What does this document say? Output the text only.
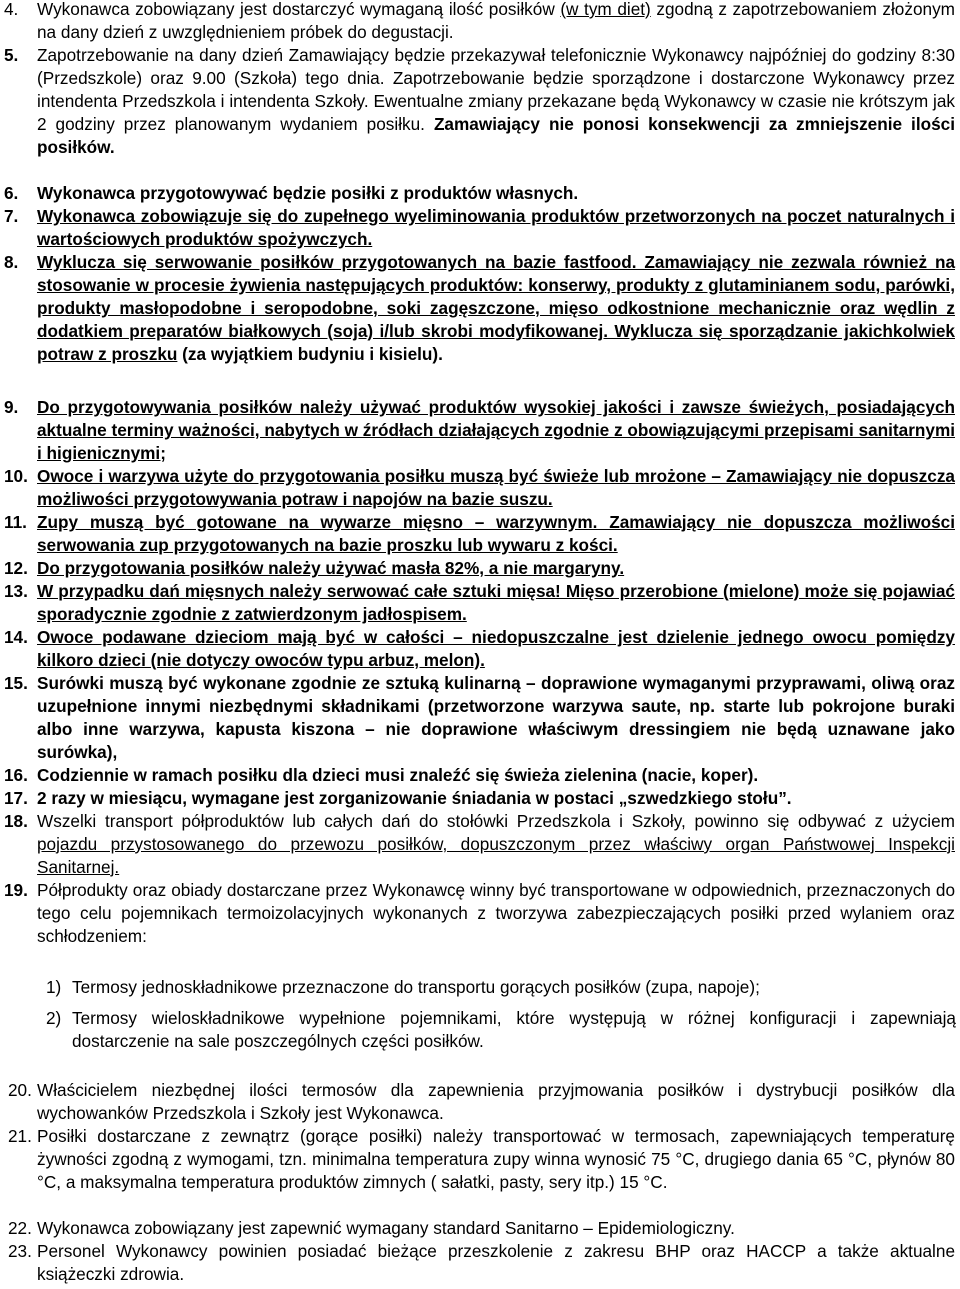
4. Wykonawca zobowiązany jest dostarczyć wymaganą ilość posiłków (w tym diet) zgodną z zapotrzebowaniem złożonym na dany dzień z uwzględnieniem próbek do degustacji.
5. Zapotrzebowanie na dany dzień Zamawiający będzie przekazywał telefonicznie Wykonawcy najpóźniej do godziny 8:30 (Przedszkole) oraz 9.00 (Szkoła) tego dnia. Zapotrzebowanie będzie sporządzone i dostarczone Wykonawcy przez intendenta Przedszkola i intendenta Szkoły. Ewentualne zmiany przekazane będą Wykonawcy w czasie nie krótszym jak 2 godziny przez planowanym wydaniem posiłku. Zamawiający nie ponosi konsekwencji za zmniejszenie ilości posiłków.
6. Wykonawca przygotowywać będzie posiłki z produktów własnych.
7. Wykonawca zobowiązuje się do zupełnego wyeliminowania produktów przetworzonych na poczet naturalnych i wartościowych produktów spożywczych.
8. Wyklucza się serwowanie posiłków przygotowanych na bazie fastfood. Zamawiający nie zezwala również na stosowanie w procesie żywienia następujących produktów: konserwy, produkty z glutaminianem sodu, parówki, produkty masłopodobne i seropodobne, soki zagęszczone, mięso odkostnione mechanicznie oraz wędlin z dodatkiem preparatów białkowych (soja) i/lub skrobi modyfikowanej. Wyklucza się sporządzanie jakichkolwiek potraw z proszku (za wyjątkiem budyniu i kisielu).
9. Do przygotowywania posiłków należy używać produktów wysokiej jakości i zawsze świeżych, posiadających aktualne terminy ważności, nabytych w źródłach działających zgodnie z obowiązującymi przepisami sanitarnymi i higienicznymi;
10. Owoce i warzywa użyte do przygotowania posiłku muszą być świeże lub mrożone – Zamawiający nie dopuszcza możliwości przygotowywania potraw i napojów na bazie suszu.
11. Zupy muszą być gotowane na wywarze mięsno – warzywnym. Zamawiający nie dopuszcza możliwości serwowania zup przygotowanych na bazie proszku lub wywaru z kości.
12. Do przygotowania posiłków należy używać masła 82%, a nie margaryny.
13. W przypadku dań mięsnych należy serwować całe sztuki mięsa! Mięso przerobione (mielone) może się pojawiać sporadycznie zgodnie z zatwierdzonym jadłospisem.
14. Owoce podawane dzieciom mają być w całości – niedopuszczalne jest dzielenie jednego owocu pomiędzy kilkoro dzieci (nie dotyczy owoców typu arbuz, melon).
15. Surówki muszą być wykonane zgodnie ze sztuką kulinarną – doprawione wymaganymi przyprawami, oliwą oraz uzupełnione innymi niezbędnymi składnikami (przetworzone warzywa saute, np. starte lub pokrojone buraki albo inne warzywa, kapusta kiszona – nie doprawione właściwym dressingiem nie będą uznawane jako surówka),
16. Codziennie w ramach posiłku dla dzieci musi znaleźć się świeża zielenina (nacie, koper).
17. 2 razy w miesiącu, wymagane jest zorganizowanie śniadania w postaci „szwedzkiego stołu”.
18. Wszelki transport półproduktów lub całych dań do stołówki Przedszkola i Szkoły, powinno się odbywać z użyciem pojazdu przystosowanego do przewozu posiłków, dopuszczonym przez właściwy organ Państwowej Inspekcji Sanitarnej.
19. Półprodukty oraz obiady dostarczane przez Wykonawcę winny być transportowane w odpowiednich, przeznaczonych do tego celu pojemnikach termoizolacyjnych wykonanych z tworzywa zabezpieczających posiłki przed wylaniem oraz schłodzeniem:
1) Termosy jednoskładnikowe przeznaczone do transportu gorących posiłków (zupa, napoje);
2) Termosy wieloskładnikowe wypełnione pojemnikami, które występują w różnej konfiguracji i zapewniają dostarczenie na sale poszczególnych części posiłków.
20. Właścicielem niezbędnej ilości termosów dla zapewnienia przyjmowania posiłków i dystrybucji posiłków dla wychowanków Przedszkola i Szkoły jest Wykonawca.
21. Posiłki dostarczane z zewnątrz (gorące posiłki) należy transportować w termosach, zapewniających temperaturę żywności zgodną z wymogami, tzn. minimalna temperatura zupy winna wynosić 75 °C, drugiego dania 65 °C, płynów 80 °C, a maksymalna temperatura produktów zimnych ( sałatki, pasty, sery itp.) 15 °C.
22. Wykonawca zobowiązany jest zapewnić wymagany standard Sanitarno – Epidemiologiczny.
23. Personel Wykonawcy powinien posiadać bieżące przeszkolenie z zakresu BHP oraz HACCP a także aktualne książeczki zdrowia.
